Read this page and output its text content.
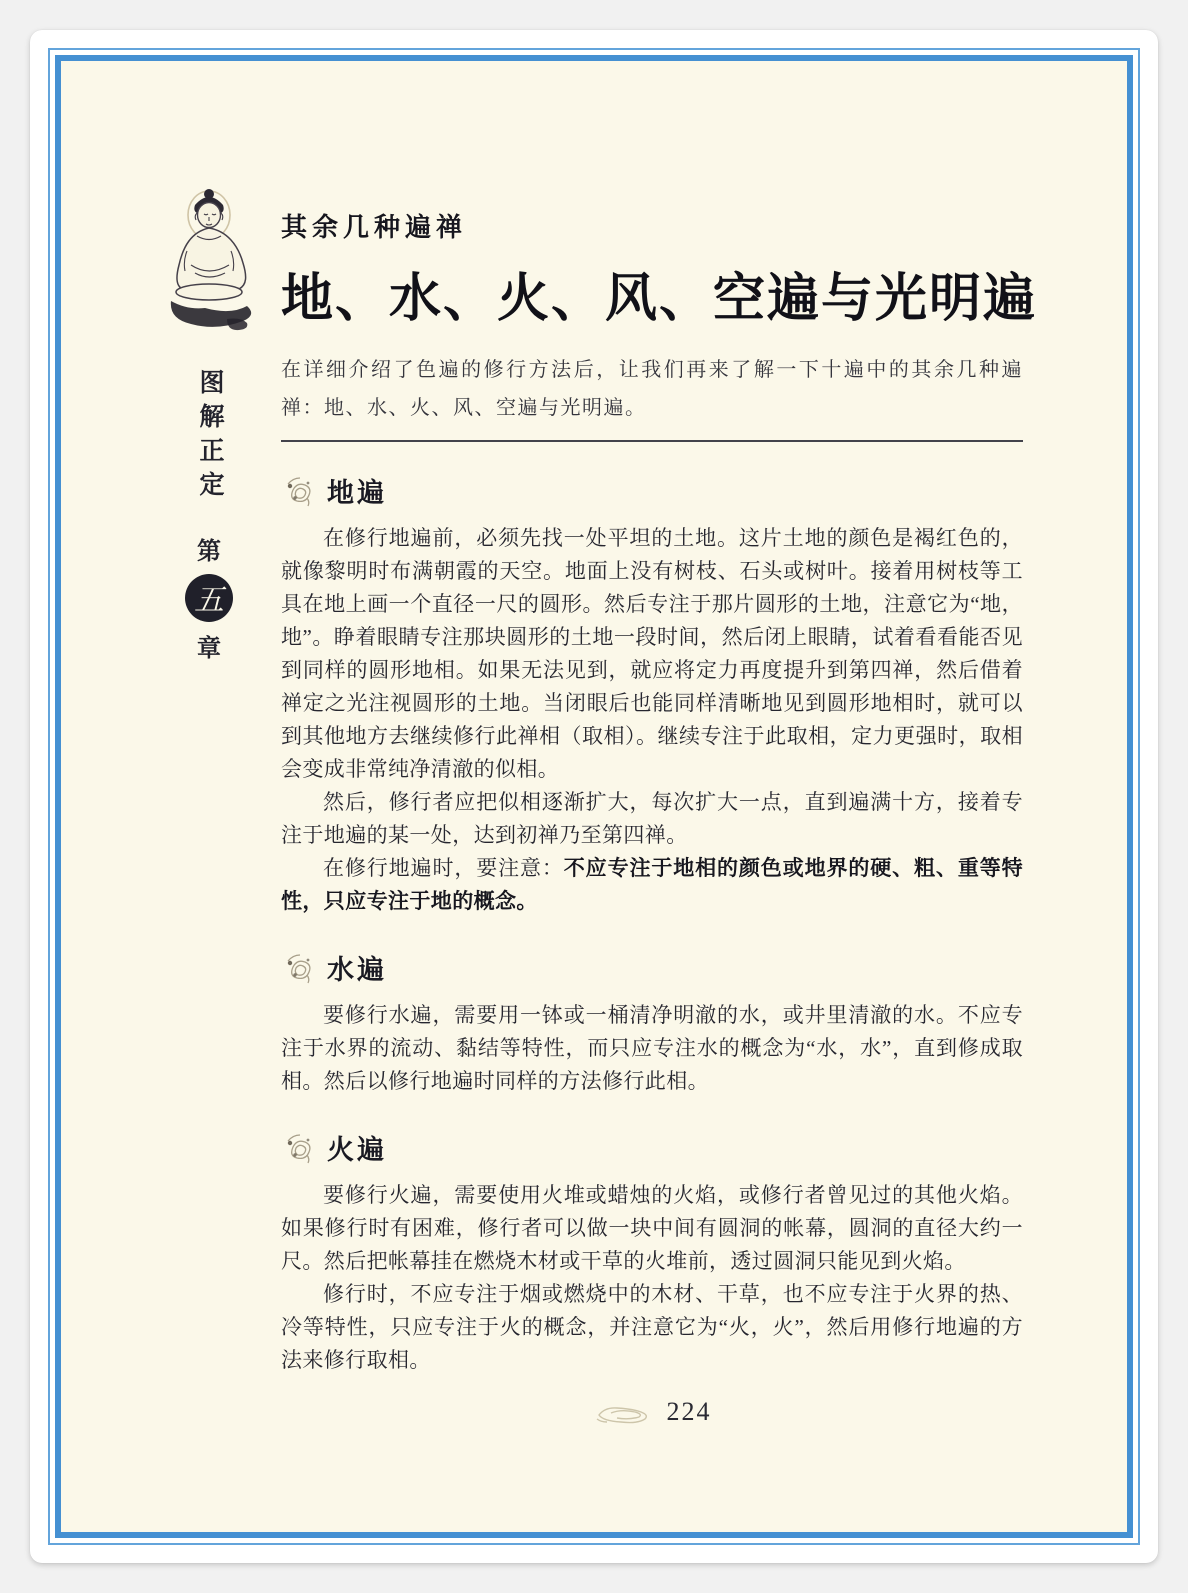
图解正定
第
五
章
其余几种遍禅
地、水、火、风、空遍与光明遍

在详细介绍了色遍的修行方法后，让我们再来了解一下十遍中的其余几种遍禅：地、水、火、风、空遍与光明遍。

地遍

在修行地遍前，必须先找一处平坦的土地。这片土地的颜色是褐红色的，就像黎明时布满朝霞的天空。地面上没有树枝、石头或树叶。接着用树枝等工具在地上画一个直径一尺的圆形。然后专注于那片圆形的土地，注意它为“地，地”。睁着眼睛专注那块圆形的土地一段时间，然后闭上眼睛，试着看看能否见到同样的圆形地相。如果无法见到，就应将定力再度提升到第四禅，然后借着禅定之光注视圆形的土地。当闭眼后也能同样清晰地见到圆形地相时，就可以到其他地方去继续修行此禅相（取相）。继续专注于此取相，定力更强时，取相会变成非常纯净清澈的似相。

然后，修行者应把似相逐渐扩大，每次扩大一点，直到遍满十方，接着专注于地遍的某一处，达到初禅乃至第四禅。

在修行地遍时，要注意：不应专注于地相的颜色或地界的硬、粗、重等特性，只应专注于地的概念。

水遍

要修行水遍，需要用一钵或一桶清净明澈的水，或井里清澈的水。不应专注于水界的流动、黏结等特性，而只应专注水的概念为“水，水”，直到修成取相。然后以修行地遍时同样的方法修行此相。

火遍

要修行火遍，需要使用火堆或蜡烛的火焰，或修行者曾见过的其他火焰。如果修行时有困难，修行者可以做一块中间有圆洞的帐幕，圆洞的直径大约一尺。然后把帐幕挂在燃烧木材或干草的火堆前，透过圆洞只能见到火焰。

修行时，不应专注于烟或燃烧中的木材、干草，也不应专注于火界的热、冷等特性，只应专注于火的概念，并注意它为“火，火”，然后用修行地遍的方法来修行取相。

224
